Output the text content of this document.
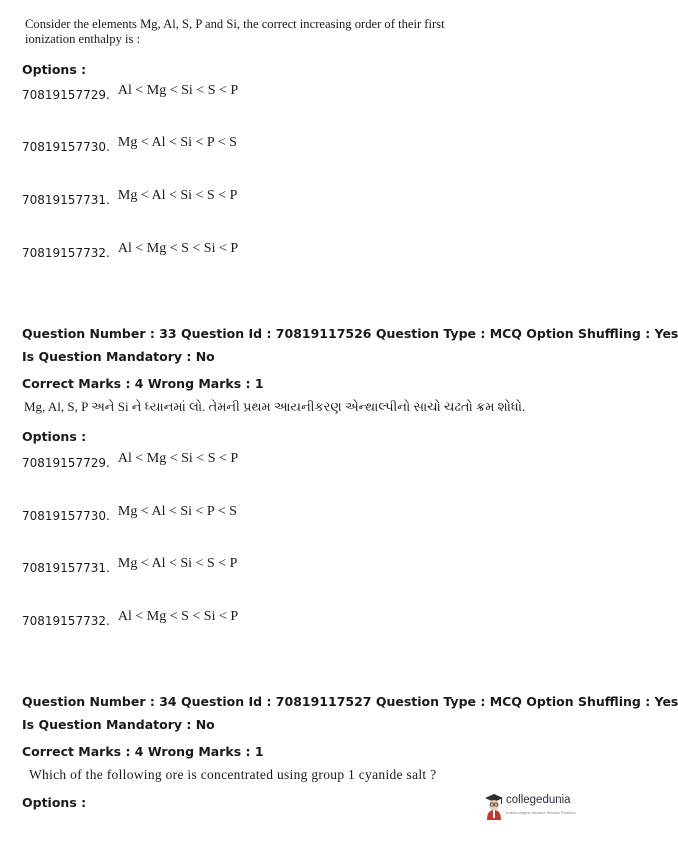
Consider the elements Mg, Al, S, P and Si, the correct increasing order of their first ionization enthalpy is :
Options :
70819157729. Al < Mg < Si < S < P
70819157730. Mg < Al < Si < P < S
70819157731. Mg < Al < Si < S < P
70819157732. Al < Mg < S < Si < P
Question Number : 33 Question Id : 70819117526 Question Type : MCQ Option Shuffling : Yes
Is Question Mandatory : No
Correct Marks : 4 Wrong Marks : 1
Mg, Al, S, P અને Si ને ધ્યાનમાં લો. તેમની પ્રથમ આયનીકરણ એન્થાલ્પીનો સાચો ચઢતો ક્રમ શોધો.
Options :
70819157729. Al < Mg < Si < S < P
70819157730. Mg < Al < Si < P < S
70819157731. Mg < Al < Si < S < P
70819157732. Al < Mg < S < Si < P
Question Number : 34 Question Id : 70819117527 Question Type : MCQ Option Shuffling : Yes
Is Question Mandatory : No
Correct Marks : 4 Wrong Marks : 1
Which of the following ore is concentrated using group 1 cyanide salt ?
Options :	collegedunia
India's largest Student Review Platform
